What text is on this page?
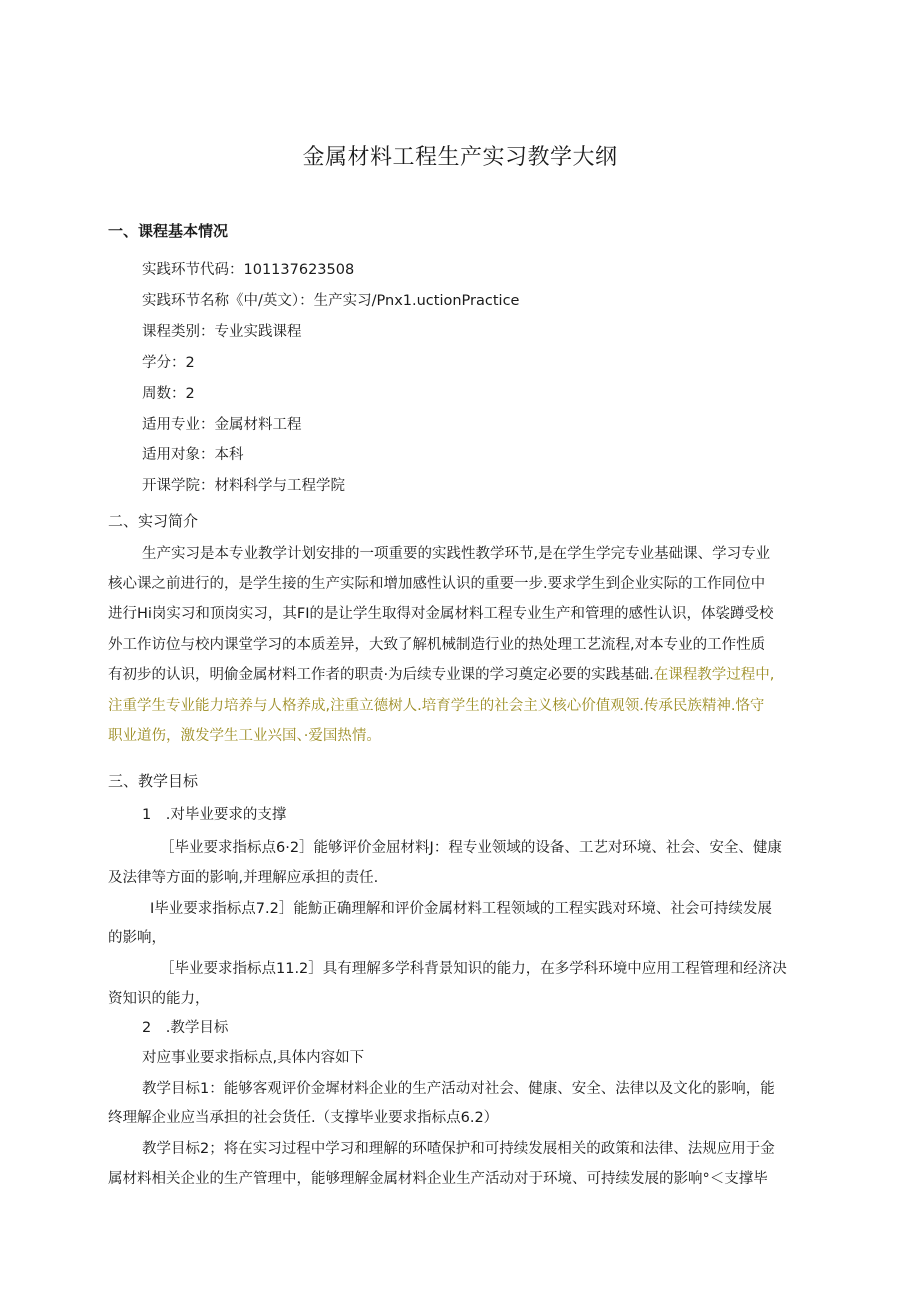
金属材料工程生产实习教学大纲
一、课程基本情况
实践环节代码：101137623508
实践环节名称《中/英文）：生产实习/Pnx1.uctionPractice
课程类别：专业实践课程
学分：2
周数：2
适用专业：金属材料工程
适用对象：本科
开课学院：材料科学与工程学院
二、实习简介
生产实习是本专业教学计划安排的一项重要的实践性教学环节,是在学生学完专业基础课、学习专业
核心课之前进行的，是学生接的生产实际和增加感性认识的重要一步.要求学生到企业实际的工作同位中
进行Hi岗实习和顶岗实习，其FI的是让学生取得对金属材料工程专业生产和管理的感性认识，体裟蹲受校
外工作访位与校内课堂学习的本质差异，大致了解机械制造行业的热处理工艺流程,对本专业的工作性质
有初步的认识，明偷金属材料工作者的职责·为后续专业课的学习奠定必要的实践基础.在课程教学过程中,
注重学生专业能力培养与人格养成,注重立德树人.培育学生的社会主义核心价值观领.传承民族精神.恪守
职业道伤，激发学生工业兴国、·爱国热情。
三、教学目标
1　.对毕业要求的支撑
［毕业要求指标点6·2］能够评价金屈材料J：程专业领域的设备、工艺对环境、社会、安全、健康
及法律等方面的影响,并理解应承担的责任.
I毕业要求指标点7.2］能魴正确理解和评价金属材料工程领域的工程实践对环境、社会可持续发展
的影响，
［毕业要求指标点11.2］具有理解多学科背景知识的能力，在多学科环境中应用工程管理和经济决
资知识的能力，
2　.教学目标
对应事业要求指标点,具体内容如下
教学目标1：能够客观评价金墀材料企业的生产活动对社会、健康、安全、法律以及文化的影响，能
终理解企业应当承担的社会货任.（支撑毕业要求指标点6.2）
教学目标2；将在实习过程中学习和理解的环喳保护和可持续发展相关的政策和法律、法规应用于金
属材料相关企业的生产管理中，能够理解金属材料企业生产活动对于环境、可持续发展的影响°＜支撑毕
